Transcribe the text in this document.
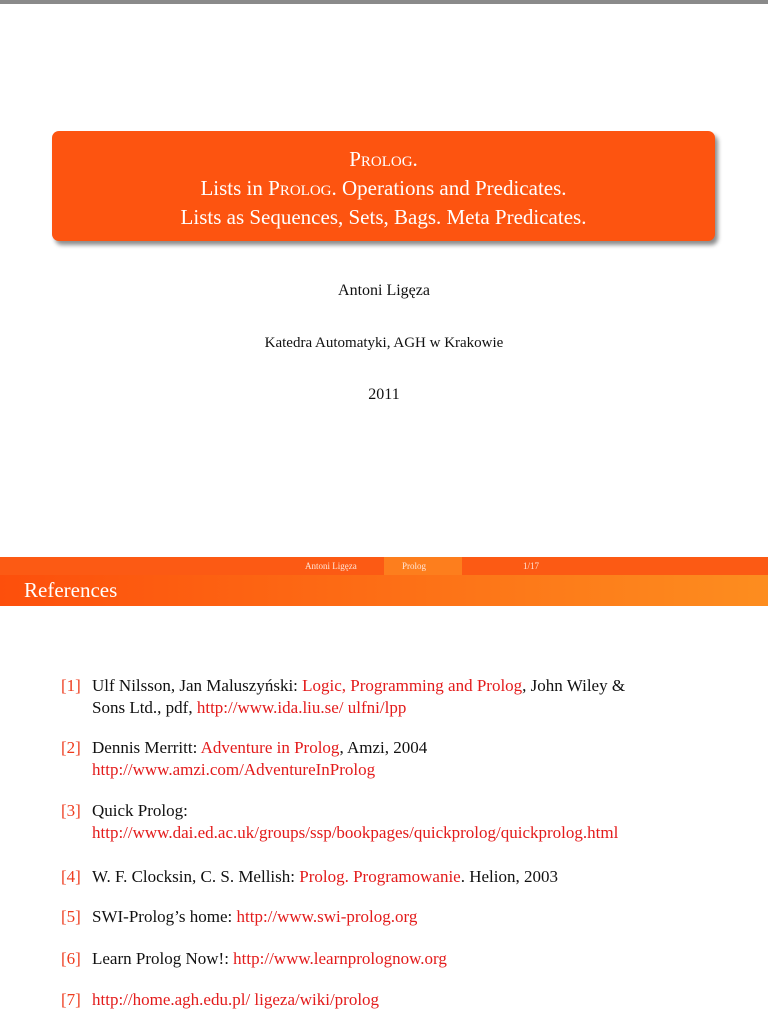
Prolog.
Lists in Prolog. Operations and Predicates.
Lists as Sequences, Sets, Bags. Meta Predicates.
Antoni Ligęza
Katedra Automatyki, AGH w Krakowie
2011
Antoni Ligęza	Prolog	1/17
References
[1] Ulf Nilsson, Jan Maluszyński: Logic, Programming and Prolog, John Wiley &
Sons Ltd., pdf, http://www.ida.liu.se/ ulfni/lpp
[2] Dennis Merritt: Adventure in Prolog, Amzi, 2004
http://www.amzi.com/AdventureInProlog
[3] Quick Prolog:
http://www.dai.ed.ac.uk/groups/ssp/bookpages/quickprolog/quickprolog.html
[4] W. F. Clocksin, C. S. Mellish: Prolog. Programowanie. Helion, 2003
[5] SWI-Prolog’s home: http://www.swi-prolog.org
[6] Learn Prolog Now!: http://www.learnprolognow.org
[7] http://home.agh.edu.pl/ ligeza/wiki/prolog
